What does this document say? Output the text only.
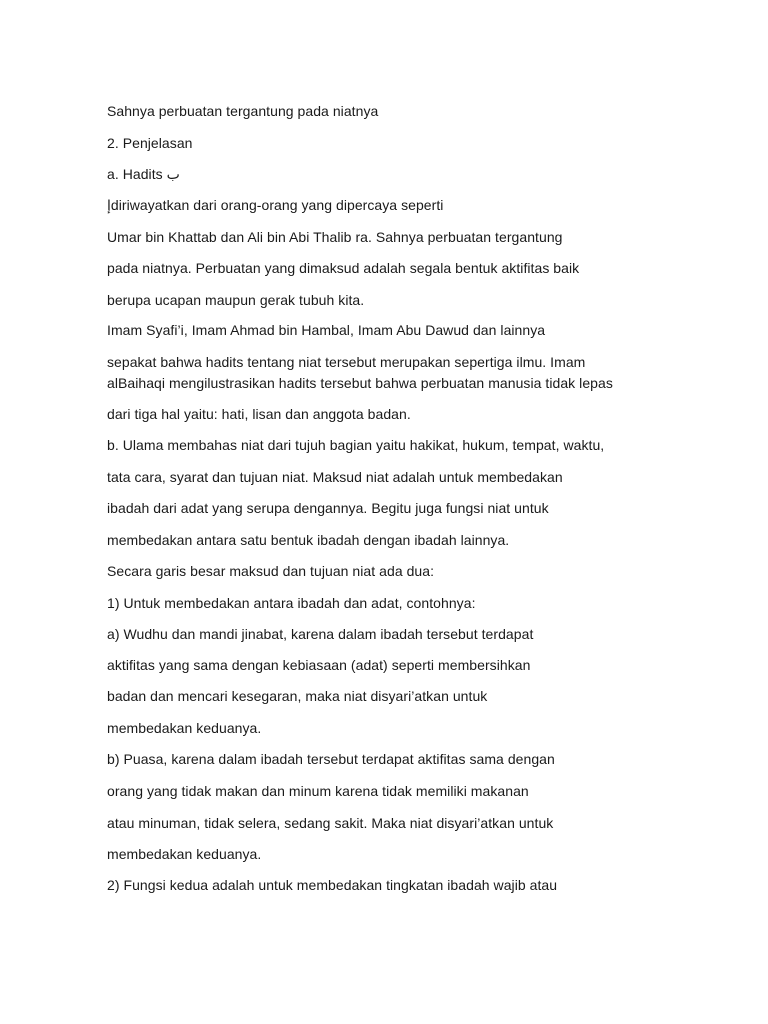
Sahnya perbuatan tergantung pada niatnya
2. Penjelasan
a. Hadits ب
إdiriwayatkan dari orang-orang yang dipercaya seperti
Umar bin Khattab dan Ali bin Abi Thalib ra. Sahnya perbuatan tergantung
pada niatnya. Perbuatan yang dimaksud adalah segala bentuk aktifitas baik
berupa ucapan maupun gerak tubuh kita.
Imam Syafi’i, Imam Ahmad bin Hambal, Imam Abu Dawud dan lainnya
sepakat bahwa hadits tentang niat tersebut merupakan sepertiga ilmu. Imam
alBaihaqi mengilustrasikan hadits tersebut bahwa perbuatan manusia tidak lepas
dari tiga hal yaitu: hati, lisan dan anggota badan.
b. Ulama membahas niat dari tujuh bagian yaitu hakikat, hukum, tempat, waktu,
tata cara, syarat dan tujuan niat. Maksud niat adalah untuk membedakan
ibadah dari adat yang serupa dengannya. Begitu juga fungsi niat untuk
membedakan antara satu bentuk ibadah dengan ibadah lainnya.
Secara garis besar maksud dan tujuan niat ada dua:
1) Untuk membedakan antara ibadah dan adat, contohnya:
a) Wudhu dan mandi jinabat, karena dalam ibadah tersebut terdapat
aktifitas yang sama dengan kebiasaan (adat) seperti membersihkan
badan dan mencari kesegaran, maka niat disyari’atkan untuk
membedakan keduanya.
b) Puasa, karena dalam ibadah tersebut terdapat aktifitas sama dengan
orang yang tidak makan dan minum karena tidak memiliki makanan
atau minuman, tidak selera, sedang sakit. Maka niat disyari’atkan untuk
membedakan keduanya.
2) Fungsi kedua adalah untuk membedakan tingkatan ibadah wajib atau
